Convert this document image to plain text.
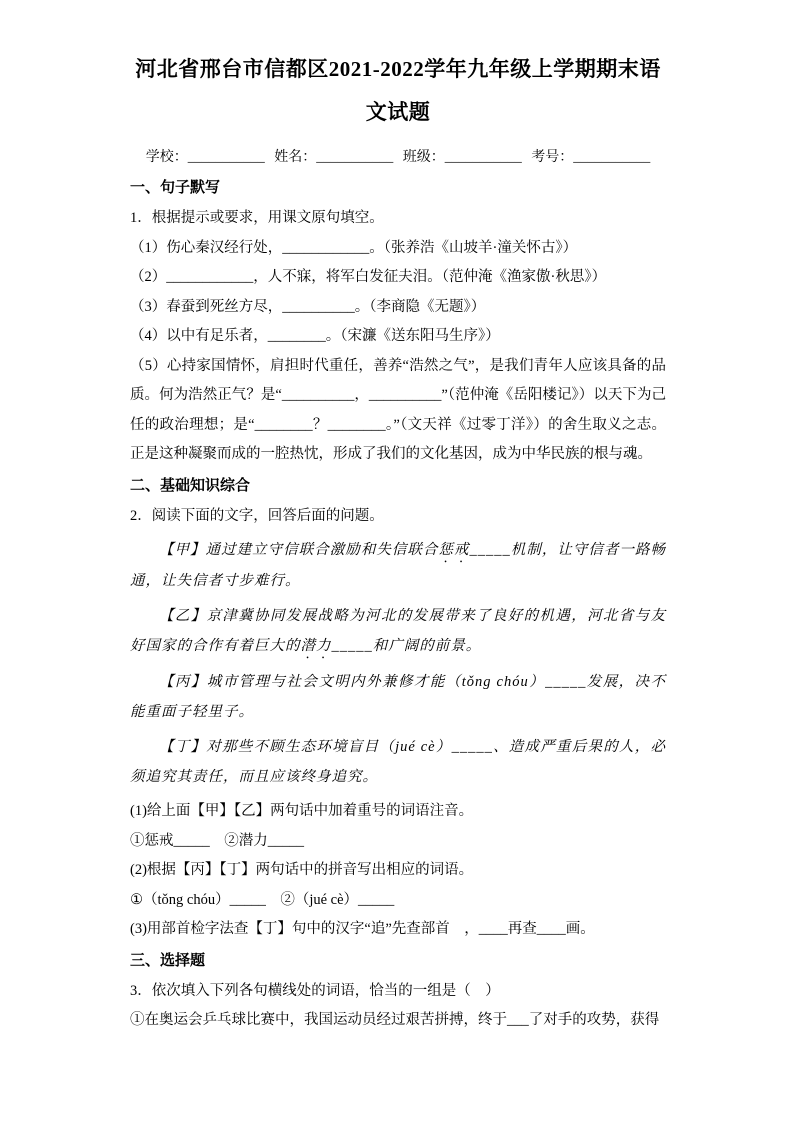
河北省邢台市信都区2021-2022学年九年级上学期期末语文试题
学校：___________ 姓名：___________ 班级：___________ 考号：___________
一、句子默写

1．根据提示或要求，用课文原句填空。

（1）伤心秦汉经行处，____________。（张养浩《山坡羊·潼关怀古》）

（2）____________，人不寐，将军白发征夫泪。（范仲淹《渔家傲·秋思》）

（3）春蚕到死丝方尽，__________。（李商隐《无题》）

（4）以中有足乐者，________。（宋濂《送东阳马生序》）

（5）心持家国情怀，肩担时代重任，善养“浩然之气”，是我们青年人应该具备的品质。何为浩然正气？是“__________，__________”（范仲淹《岳阳楼记》）以天下为己任的政治理想；是“________？________。”（文天祥《过零丁洋》）的舍生取义之志。正是这种凝聚而成的一腔热忱，形成了我们的文化基因，成为中华民族的根与魂。

二、基础知识综合

2．阅读下面的文字，回答后面的问题。

【甲】通过建立守信联合激励和失信联合惩戒_____机制，让守信者一路畅通，让失信者寸步难行。

【乙】京津冀协同发展战略为河北的发展带来了良好的机遇，河北省与友好国家的合作有着巨大的潜力_____和广阔的前景。

【丙】城市管理与社会文明内外兼修才能（tǒng chóu）_____发展，决不能重面子轻里子。

【丁】对那些不顾生态环境盲目（jué cè）_____、造成严重后果的人，必须追究其责任，而且应该终身追究。

(1)给上面【甲】【乙】两句话中加着重号的词语注音。

①惩戒_____　②潜力_____

(2)根据【丙】【丁】两句话中的拼音写出相应的词语。

①（tǒng chóu）_____　②（jué cè）_____

(3)用部首检字法查【丁】句中的汉字“追”先查部首　，____再查____画。

三、选择题

3．依次填入下列各句横线处的词语，恰当的一组是（　）

①在奥运会乒乓球比赛中，我国运动员经过艰苦拼搏，终于___了对手的攻势，获得
